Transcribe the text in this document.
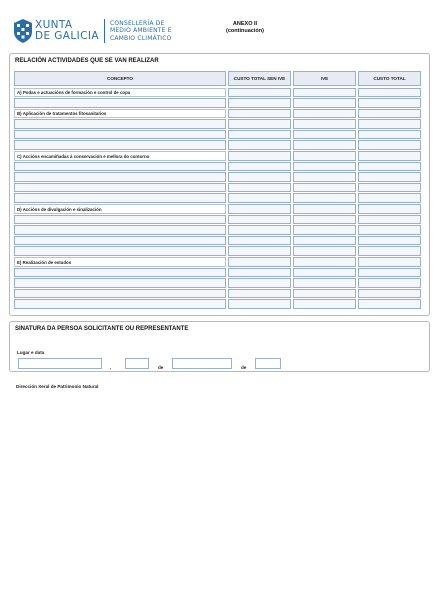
XUNTA
DE GALICIA
CONSELLERÍA DE
MEDIO AMBIENTE E
CAMBIO CLIMÁTICO
ANEXO II
(continuación)
RELACIÓN ACTIVIDADES QUE SE VAN REALIZAR
CONCEPTO	CUSTO TOTAL SEN IVE	IVE	CUSTO TOTAL
A) Podas e actuacións de formación e control de copa
B) Aplicación de tratamentos fitosanitarios
C) Accións encamiñadas á conservación e mellora do contorno
D) Accións de divulgación e sinalización
E) Realización de estudos
SINATURA DA PERSOA SOLICITANTE OU REPRESENTANTE
Lugar e data
,	de	de
Dirección Xeral de Patrimonio Natural
